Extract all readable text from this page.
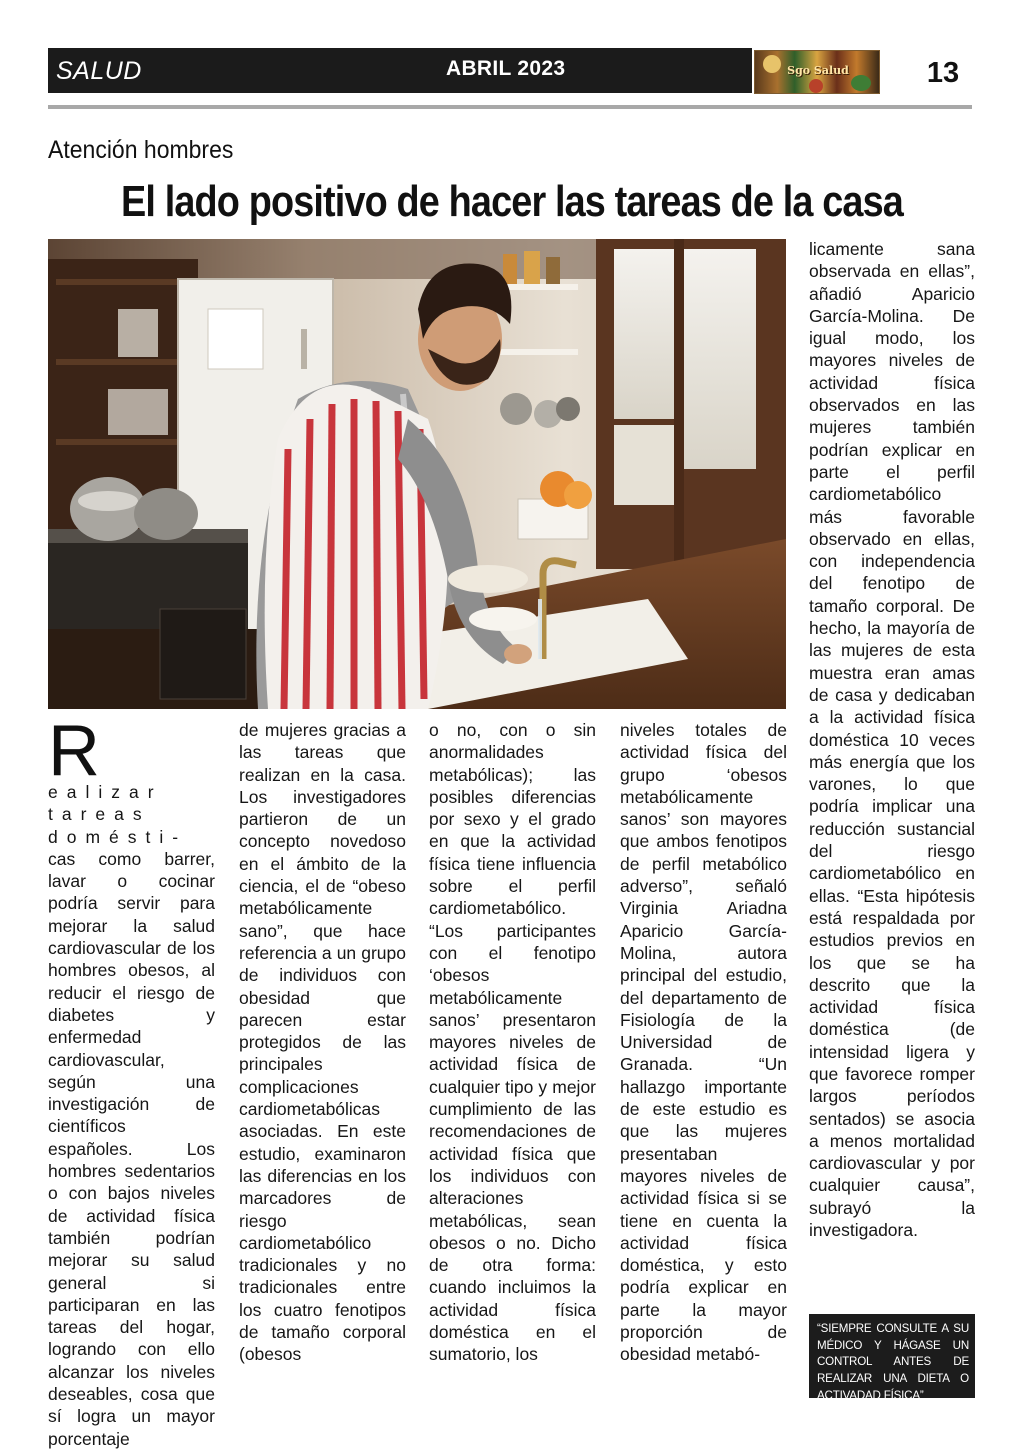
SALUD	ABRIL 2023	Sgo Salud	13
Atención hombres
El lado positivo de hacer las tareas de la casa
R
ealizar tareas domésti- cas como barrer, lavar o cocinar podría servir para mejorar la salud cardiovascular de los hombres obesos, al reducir el riesgo de diabetes y enfermedad cardiovascular, según una investigación de científicos españoles. Los hombres sedentarios o con bajos niveles de actividad física también podrían mejorar su salud general si participaran en las tareas del hogar, logrando con ello alcanzar los niveles deseables, cosa que sí logra un mayor porcentaje

de mujeres gracias a las tareas que realizan en la casa. Los investigadores partieron de un concepto novedoso en el ámbito de la ciencia, el de “obeso metabólicamente sano”, que hace referencia a un grupo de individuos con obesidad que parecen estar protegidos de las principales complicaciones cardiometabólicas asociadas. En este estudio, examinaron las diferencias en los marcadores de riesgo cardiometabólico tradicionales y no tradicionales entre los cuatro fenotipos de tamaño corporal (obesos

o no, con o sin anormalidades metabólicas); las posibles diferencias por sexo y el grado en que la actividad física tiene influencia sobre el perfil cardiometabólico. “Los participantes con el fenotipo ‘obesos metabólicamente sanos’ presentaron mayores niveles de actividad física de cualquier tipo y mejor cumplimiento de las recomendaciones de actividad física que los individuos con alteraciones metabólicas, sean obesos o no. Dicho de otra forma: cuando incluimos la actividad física doméstica en el sumatorio, los

niveles totales de actividad física del grupo ‘obesos metabólicamente sanos’ son mayores que ambos fenotipos de perfil metabólico adverso”, señaló Virginia Ariadna Aparicio García-Molina, autora principal del estudio, del departamento de Fisiología de la Universidad de Granada. “Un hallazgo importante de este estudio es que las mujeres presentaban mayores niveles de actividad física si se tiene en cuenta la actividad física doméstica, y esto podría explicar en parte la mayor proporción de obesidad metabó-

licamente sana observada en ellas”, añadió Aparicio García-Molina. De igual modo, los mayores niveles de actividad física observados en las mujeres también podrían explicar en parte el perfil cardiometabólico más favorable observado en ellas, con independencia del fenotipo de tamaño corporal. De hecho, la mayoría de las mujeres de esta muestra eran amas de casa y dedicaban a la actividad física doméstica 10 veces más energía que los varones, lo que podría implicar una reducción sustancial del riesgo cardiometabólico en ellas. “Esta hipótesis está respaldada por estudios previos en los que se ha descrito que la actividad física doméstica (de intensidad ligera y que favorece romper largos períodos sentados) se asocia a menos mortalidad cardiovascular y por cualquier causa”, subrayó la investigadora.

“SIEMPRE CONSULTE A SU MÉDICO Y HÁGASE UN CONTROL ANTES DE REALIZAR UNA DIETA O ACTIVADAD FÍSICA”
